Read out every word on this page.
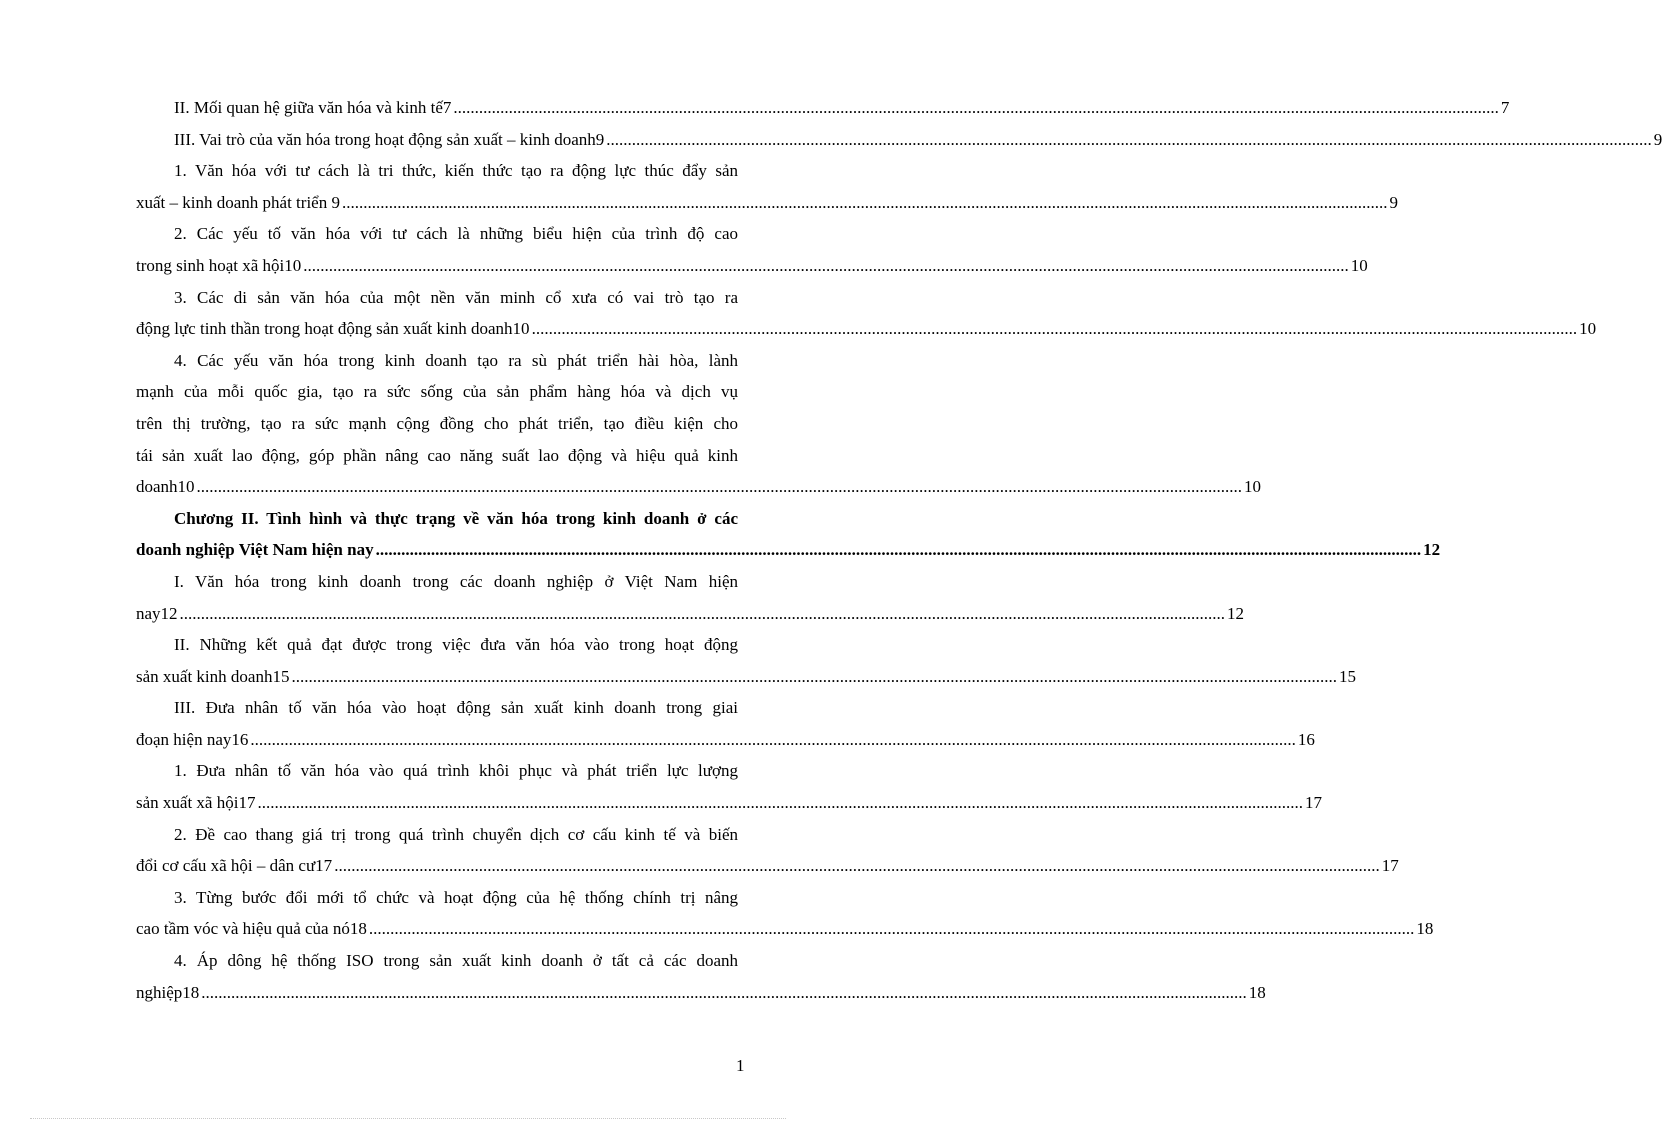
II. Mối quan hệ giữa văn hóa và kinh tế7 .....	7
III. Vai trò của văn hóa trong hoạt động sản xuất – kinh doanh9 .....	9
1. Văn hóa với tư cách là tri thức, kiến thức tạo ra động lực thúc đẩy sản
xuất – kinh doanh phát triển 9 .....	9
2. Các yếu tố văn hóa với tư cách là những biểu hiện của trình độ cao
trong sinh hoạt xã hội10 .....	10
3. Các di sản văn hóa của một nền văn minh cổ xưa có vai trò tạo ra
động lực tinh thần trong hoạt động sản xuất kinh doanh10 .....	10
4. Các yếu văn hóa trong kinh doanh tạo ra sù phát triển hài hòa, lành
mạnh của mỗi quốc gia, tạo ra sức sống của sản phẩm hàng hóa và dịch vụ
trên thị trường, tạo ra sức mạnh cộng đồng cho phát triển, tạo điều kiện cho
tái sản xuất lao động, góp phần nâng cao năng suất lao động và hiệu quả kinh
doanh10 .....	10
Chương II. Tình hình và thực trạng về văn hóa trong kinh doanh ở các
doanh nghiệp Việt Nam hiện nay .....	12
I. Văn hóa trong kinh doanh trong các doanh nghiệp ở Việt Nam hiện
nay12 .....	12
II. Những kết quả đạt được trong việc đưa văn hóa vào trong hoạt động
sản xuất kinh doanh15 .....	15
III. Đưa nhân tố văn hóa vào hoạt động sản xuất kinh doanh trong giai
đoạn hiện nay16 .....	16
1. Đưa nhân tố văn hóa vào quá trình khôi phục và phát triển lực lượng
sản xuất xã hội17 .....	17
2. Đề cao thang giá trị trong quá trình chuyển dịch cơ cấu kinh tế và biến
đổi cơ cấu xã hội – dân cư17 .....	17
3. Từng bước đổi mới tổ chức và hoạt động của hệ thống chính trị nâng
cao tầm vóc và hiệu quả của nó18 .....	18
4. Áp dông hệ thống ISO trong sản xuất kinh doanh ở tất cả các doanh
nghiệp18 .....	18
1
